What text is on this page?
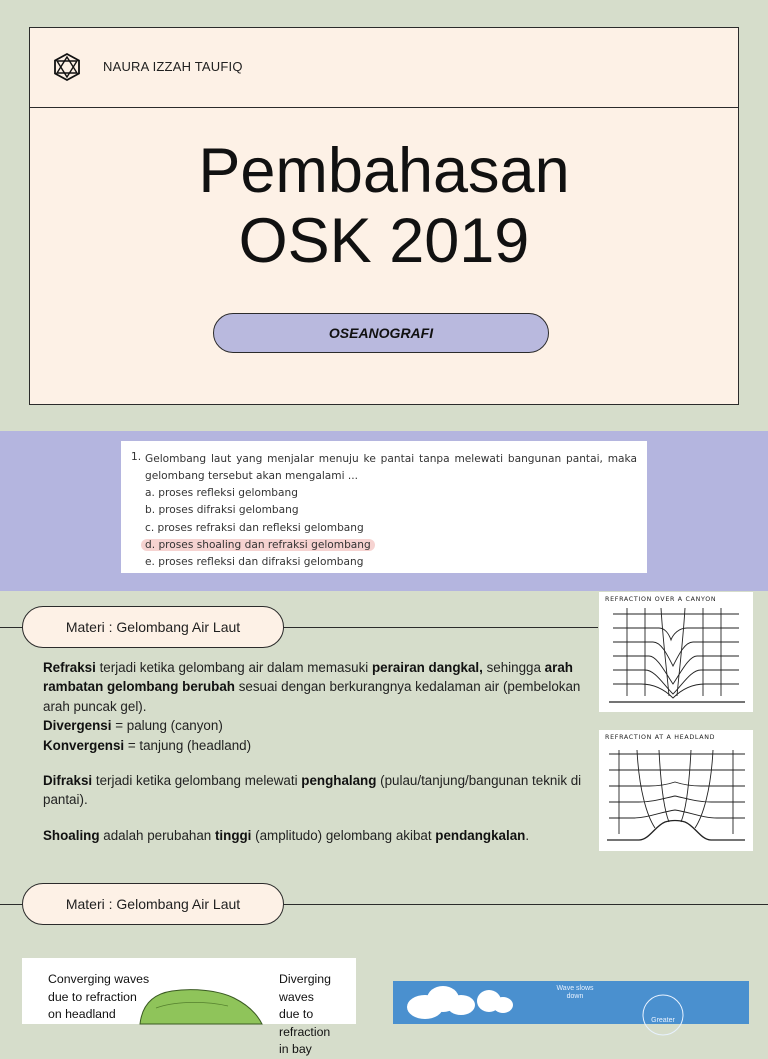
NAURA IZZAH TAUFIQ
Pembahasan
OSK 2019
OSEANOGRAFI
1. Gelombang laut yang menjalar menuju ke pantai tanpa melewati bangunan pantai, maka gelombang tersebut akan mengalami ...
a. proses refleksi gelombang
b. proses difraksi gelombang
c. proses refraksi dan refleksi gelombang
d. proses shoaling dan refraksi gelombang
e. proses refleksi dan difraksi gelombang
Materi : Gelombang Air Laut

Refraksi terjadi ketika gelombang air dalam memasuki perairan dangkal, sehingga arah rambatan gelombang berubah sesuai dengan berkurangnya kedalaman air (pembelokan arah puncak gel).

Divergensi = palung (canyon)

Konvergensi = tanjung (headland)

Difraksi terjadi ketika gelombang melewati penghalang (pulau/tanjung/bangunan teknik di pantai).

Shoaling adalah perubahan tinggi (amplitudo) gelombang akibat pendangkalan.

REFRACTION OVER A CANYON
REFRACTION AT A HEADLAND
Materi : Gelombang Air Laut
Converging waves
due to refraction
on headland
Diverging waves
due to refraction
in bay
Wave slows
down
Greater
